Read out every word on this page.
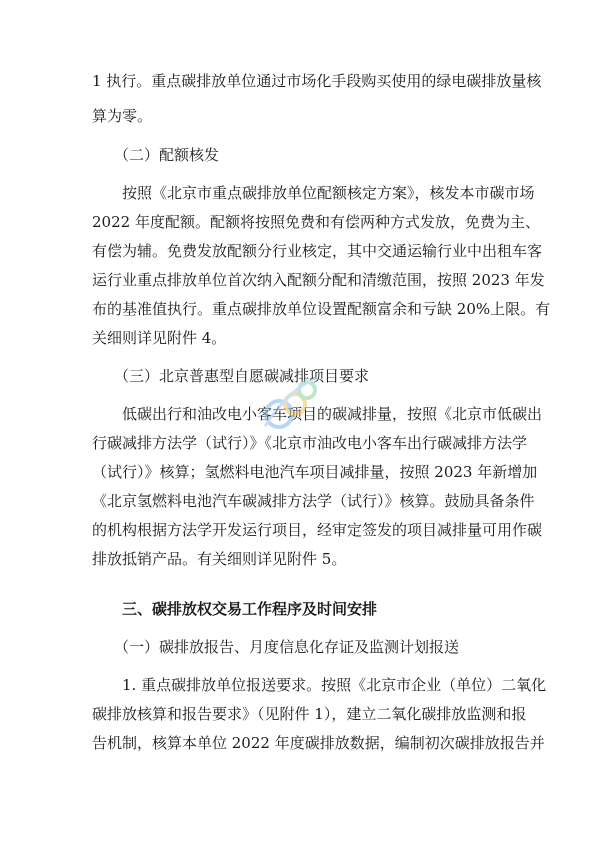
1 执行。重点碳排放单位通过市场化手段购买使用的绿电碳排放量核
算为零。
（二）配额核发
按照《北京市重点碳排放单位配额核定方案》，核发本市碳市场
2022 年度配额。配额将按照免费和有偿两种方式发放，免费为主、
有偿为辅。免费发放配额分行业核定，其中交通运输行业中出租车客
运行业重点排放单位首次纳入配额分配和清缴范围，按照 2023 年发
布的基准值执行。重点碳排放单位设置配额富余和亏缺 20%上限。有
关细则详见附件 4。
（三）北京普惠型自愿碳减排项目要求
低碳出行和油改电小客车项目的碳减排量，按照《北京市低碳出
行碳减排方法学（试行）》《北京市油改电小客车出行碳减排方法学
（试行）》核算；氢燃料电池汽车项目减排量，按照 2023 年新增加
《北京氢燃料电池汽车碳减排方法学（试行）》核算。鼓励具备条件
的机构根据方法学开发运行项目，经审定签发的项目减排量可用作碳
排放抵销产品。有关细则详见附件 5。
三、碳排放权交易工作程序及时间安排
（一）碳排放报告、月度信息化存证及监测计划报送
1. 重点碳排放单位报送要求。按照《北京市企业（单位）二氧化
碳排放核算和报告要求》（见附件 1），建立二氧化碳排放监测和报
告机制，核算本单位 2022 年度碳排放数据，编制初次碳排放报告并
